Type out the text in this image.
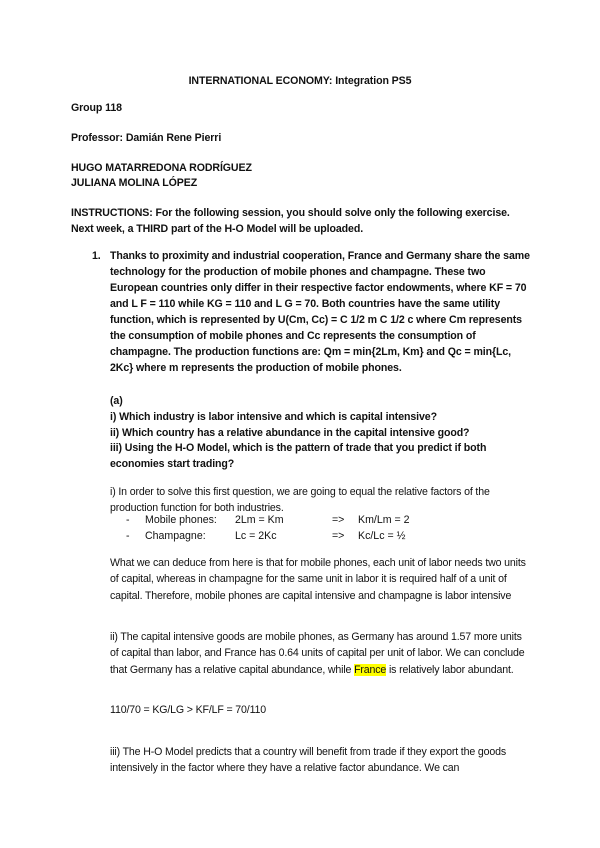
INTERNATIONAL ECONOMY: Integration PS5
Group 118
Professor: Damián Rene Pierri
HUGO MATARREDONA RODRÍGUEZ
JULIANA MOLINA LÓPEZ
INSTRUCTIONS: For the following session, you should solve only the following exercise. Next week, a THIRD part of the H-O Model will be uploaded.
1. Thanks to proximity and industrial cooperation, France and Germany share the same technology for the production of mobile phones and champagne. These two European countries only differ in their respective factor endowments, where KF = 70 and L F = 110 while KG = 110 and L G = 70. Both countries have the same utility function, which is represented by U(Cm, Cc) = C 1/2 m C 1/2 c where Cm represents the consumption of mobile phones and Cc represents the consumption of champagne. The production functions are: Qm = min{2Lm, Km} and Qc = min{Lc, 2Kc} where m represents the production of mobile phones.
(a)
i) Which industry is labor intensive and which is capital intensive?
ii) Which country has a relative abundance in the capital intensive good?
iii) Using the H-O Model, which is the pattern of trade that you predict if both economies start trading?
i) In order to solve this first question, we are going to equal the relative factors of the production function for both industries.
- Mobile phones: 2Lm = Km	=> Km/Lm = 2
- Champagne:	Lc = 2Kc	=> Kc/Lc = ½
What we can deduce from here is that for mobile phones, each unit of labor needs two units of capital, whereas in champagne for the same unit in labor it is required half of a unit of capital. Therefore, mobile phones are capital intensive and champagne is labor intensive
ii) The capital intensive goods are mobile phones, as Germany has around 1.57 more units of capital than labor, and France has 0.64 units of capital per unit of labor. We can conclude that Germany has a relative capital abundance, while France is relatively labor abundant.
110/70 = KG/LG > KF/LF = 70/110
iii) The H-O Model predicts that a country will benefit from trade if they export the goods intensively in the factor where they have a relative factor abundance. We can
